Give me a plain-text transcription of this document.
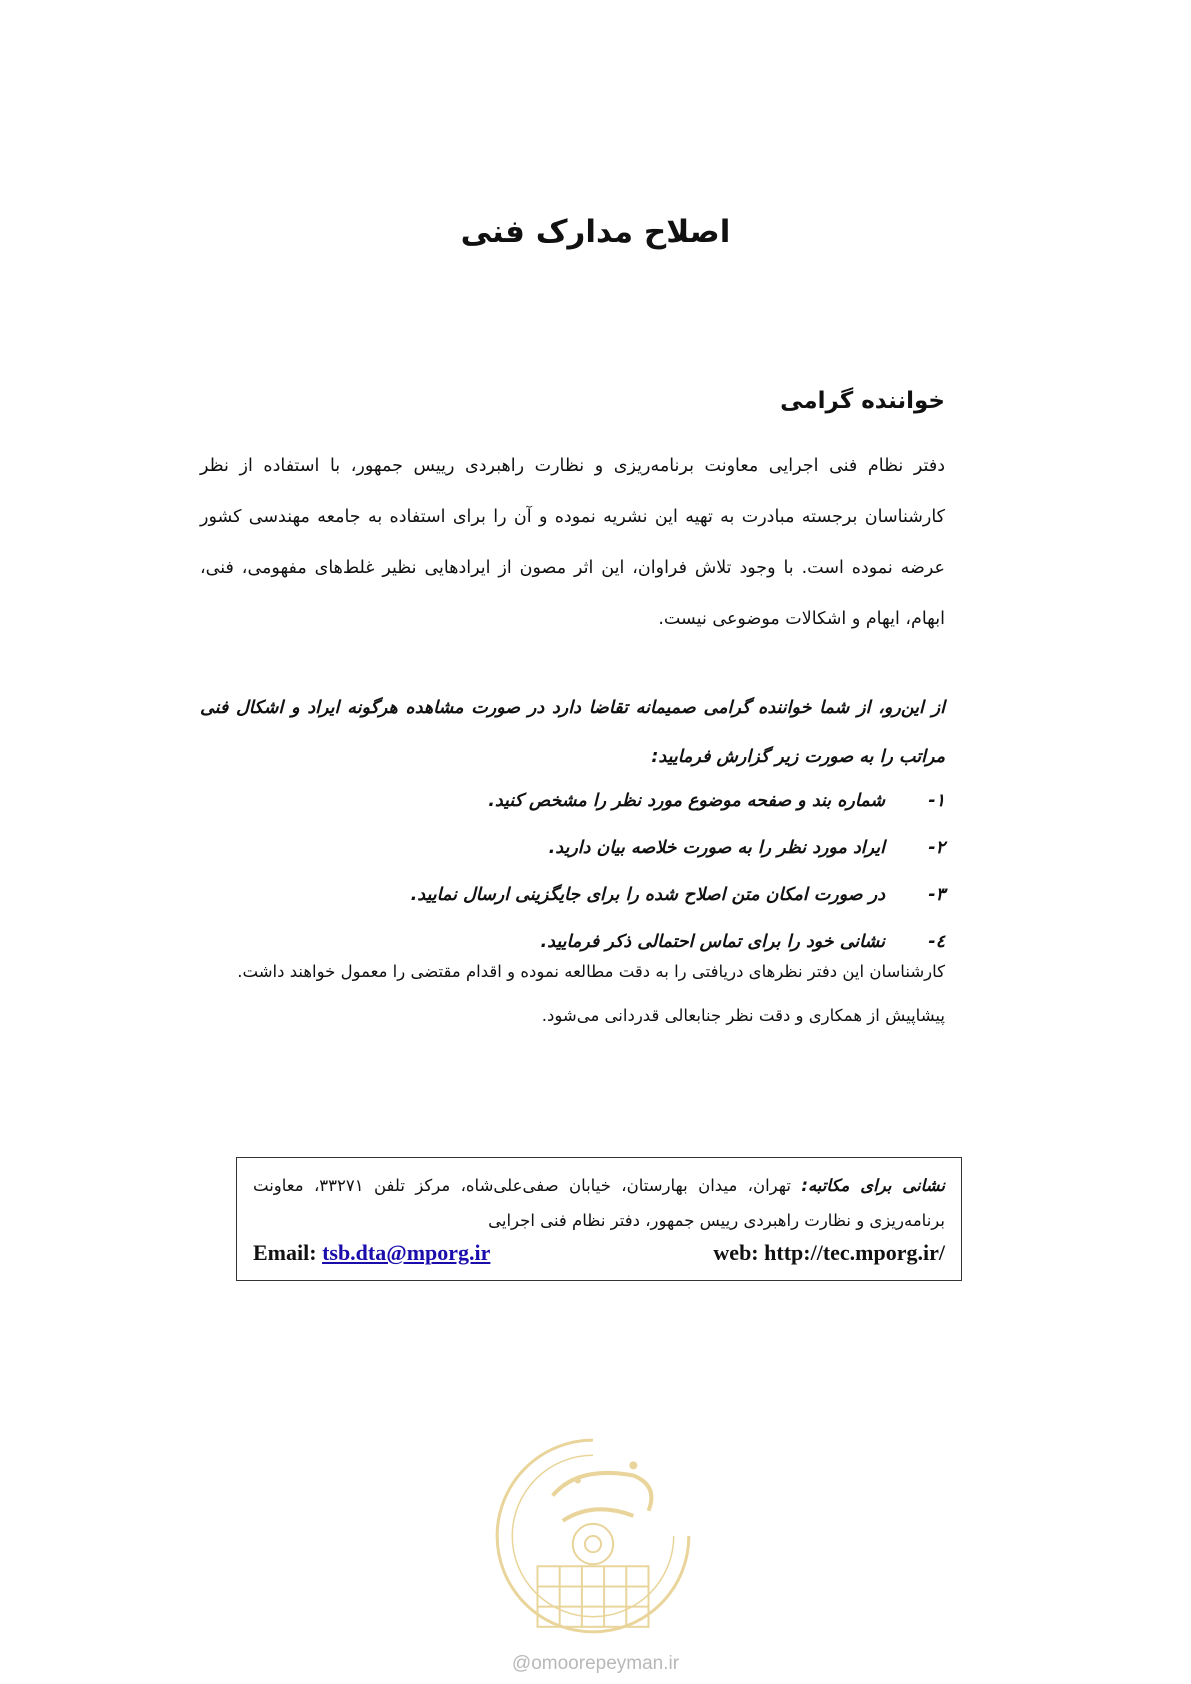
اصلاح مدارک فنی
خواننده گرامی
دفتر نظام فنی اجرایی معاونت برنامه‌ریزی و نظارت راهبردی رییس جمهور، با استفاده از نظر کارشناسان برجسته مبادرت به تهیه این نشریه نموده و آن را برای استفاده به جامعه مهندسی کشور عرضه نموده است. با وجود تلاش فراوان، این اثر مصون از ایرادهایی نظیر غلط‌های مفهومی، فنی، ابهام، ایهام و اشکالات موضوعی نیست.
از این‌رو، از شما خواننده گرامی صمیمانه تقاضا دارد در صورت مشاهده هرگونه ایراد و اشکال فنی مراتب را به صورت زیر گزارش فرمایید:
۱-
شماره بند و صفحه موضوع مورد نظر را مشخص کنید.
۲-
ایراد مورد نظر را به صورت خلاصه بیان دارید.
۳-
در صورت امکان متن اصلاح شده را برای جایگزینی ارسال نمایید.
٤-
نشانی خود را برای تماس احتمالی ذکر فرمایید.
کارشناسان این دفتر نظرهای دریافتی را به دقت مطالعه نموده و اقدام مقتضی را معمول خواهند داشت.
پیشاپیش از همکاری و دقت نظر جنابعالی قدردانی می‌شود.
نشانی برای مکاتبه: تهران، میدان بهارستان، خیابان صفی‌علی‌شاه، مرکز تلفن ۳۳۲۷۱، معاونت برنامه‌ریزی و نظارت راهبردی رییس جمهور، دفتر نظام فنی اجرایی
Email: tsb.dta@mporg.ir	web: http://tec.mporg.ir/
@omoorepeyman.ir
